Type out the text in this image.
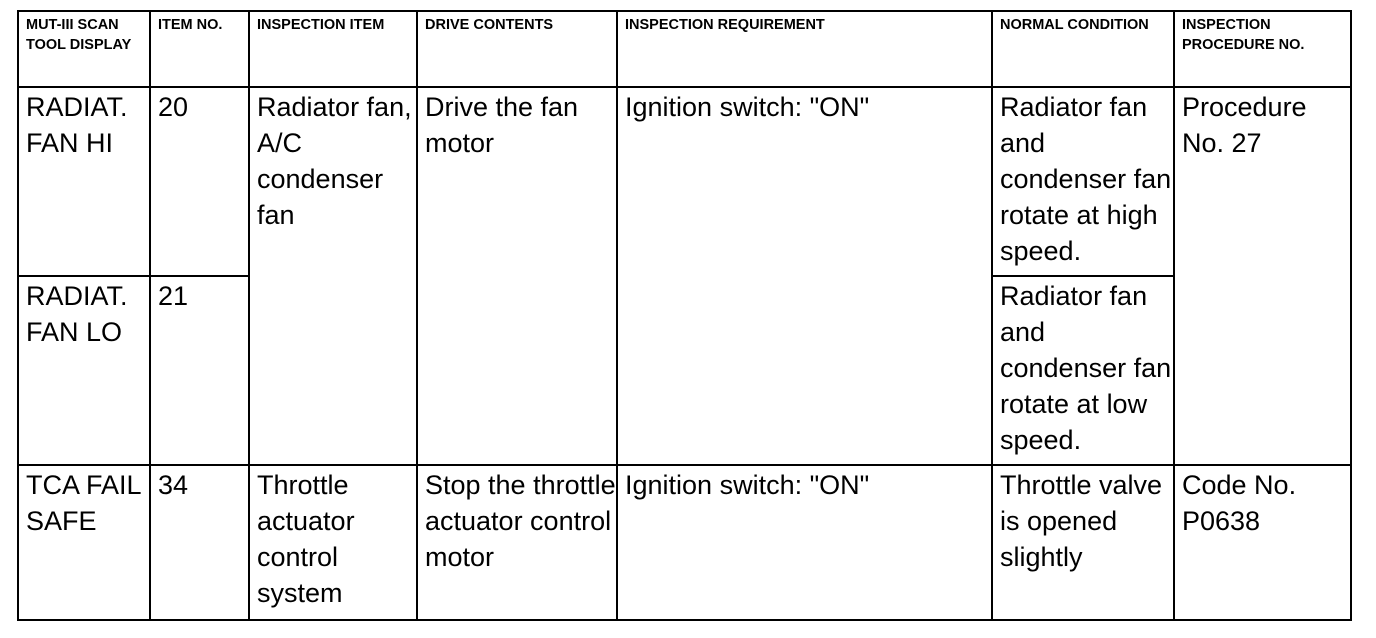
MUT-III SCAN TOOL DISPLAY	ITEM NO.	INSPECTION ITEM	DRIVE CONTENTS	INSPECTION REQUIREMENT	NORMAL CONDITION	INSPECTION PROCEDURE NO.
RADIAT. FAN HI	20	Radiator fan, A/C condenser fan	Drive the fan motor	Ignition switch: "ON"	Radiator fan and condenser fan rotate at high speed.	Procedure No. 27
RADIAT. FAN LO	21				Radiator fan and condenser fan rotate at low speed.	
TCA FAIL SAFE	34	Throttle actuator control system	Stop the throttle actuator control motor	Ignition switch: "ON"	Throttle valve is opened slightly	Code No. P0638
